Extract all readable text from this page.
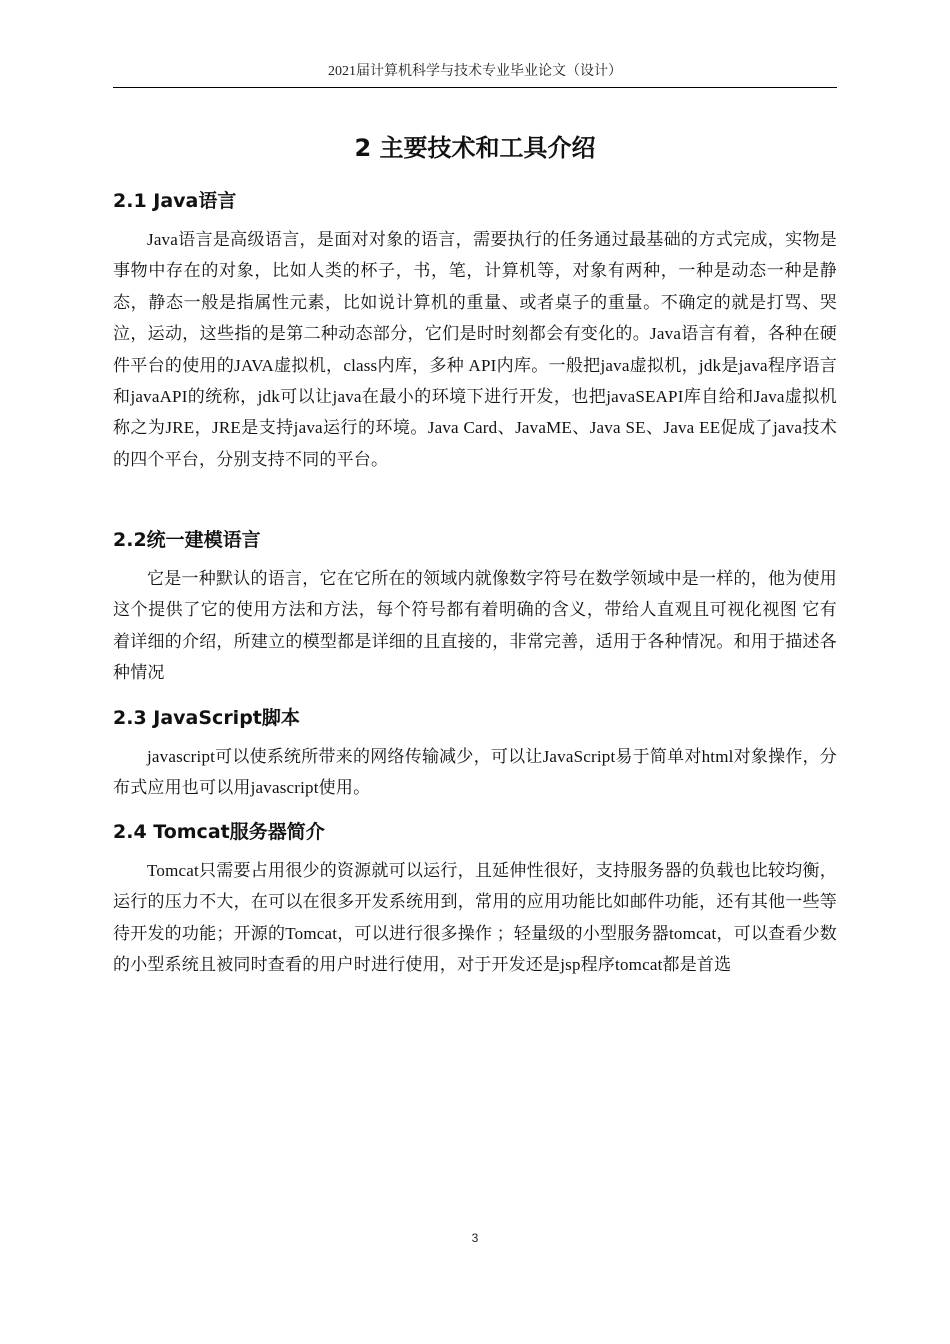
2021届计算机科学与技术专业毕业论文（设计）
2 主要技术和工具介绍
2.1 Java语言

Java语言是高级语言，是面对对象的语言，需要执行的任务通过最基础的方式完成，实物是事物中存在的对象，比如人类的杯子，书，笔，计算机等，对象有两种，一种是动态一种是静态，静态一般是指属性元素，比如说计算机的重量、或者桌子的重量。不确定的就是打骂、哭泣，运动，这些指的是第二种动态部分，它们是时时刻都会有变化的。Java语言有着，各种在硬件平台的使用的JAVA虚拟机，class内库，多种 API内库。一般把java虚拟机，jdk是java程序语言和javaAPI的统称，jdk可以让java在最小的环境下进行开发，也把javaSEAPI库自给和Java虚拟机称之为JRE，JRE是支持java运行的环境。Java Card、JavaME、Java SE、Java EE促成了java技术的四个平台，分别支持不同的平台。

2.2统一建模语言

它是一种默认的语言，它在它所在的领域内就像数字符号在数学领域中是一样的，他为使用这个提供了它的使用方法和方法，每个符号都有着明确的含义，带给人直观且可视化视图 它有着详细的介绍，所建立的模型都是详细的且直接的，非常完善，适用于各种情况。和用于描述各种情况

2.3 JavaScript脚本

javascript可以使系统所带来的网络传输减少，可以让JavaScript易于简单对html对象操作，分布式应用也可以用javascript使用。

2.4 Tomcat服务器简介

Tomcat只需要占用很少的资源就可以运行，且延伸性很好，支持服务器的负载也比较均衡，运行的压力不大，在可以在很多开发系统用到，常用的应用功能比如邮件功能，还有其他一些等待开发的功能；开源的Tomcat，可以进行很多操作 ；轻量级的小型服务器tomcat，可以查看少数的小型系统且被同时查看的用户时进行使用，对于开发还是jsp程序tomcat都是首选

3
